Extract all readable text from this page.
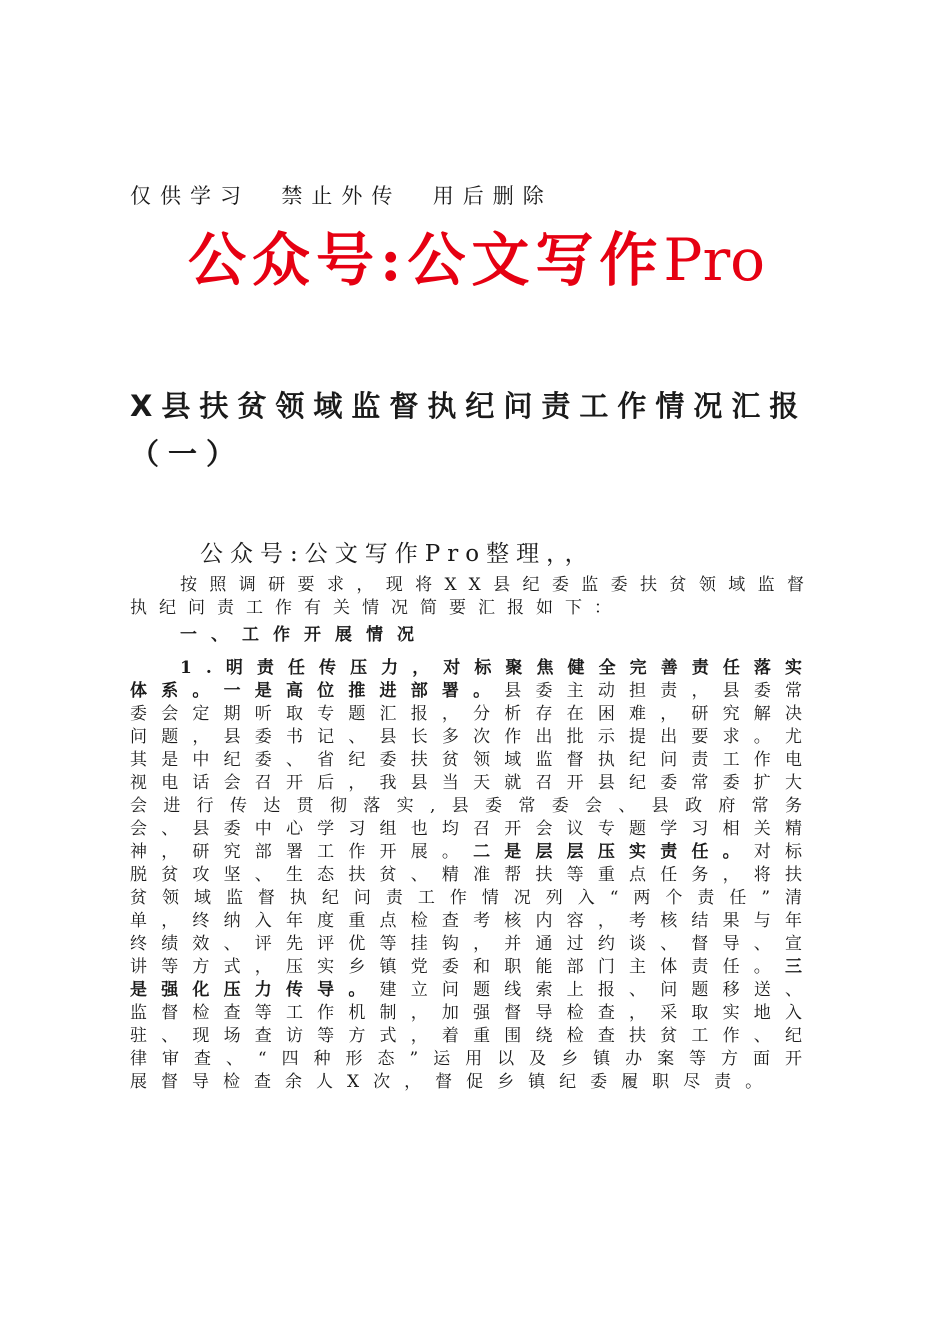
仅供学习  禁止外传  用后删除
公众号:公文写作Pro
X县扶贫领域监督执纪问责工作情况汇报（一）
公众号:公文写作Pro整理，，

按照调研要求，现将XX县纪委监委扶贫领域监督执纪问责工作有关情况简要汇报如下：

一、工作开展情况

1.明责任传压力，对标聚焦健全完善责任落实体系。一是高位推进部署。县委主动担责，县委常委会定期听取专题汇报，分析存在困难，研究解决问题，县委书记、县长多次作出批示提出要求。尤其是中纪委、省纪委扶贫领域监督执纪问责工作电视电话会召开后，我县当天就召开县纪委常委扩大会进行传达贯彻落实,县委常委会、县政府常务会、县委中心学习组也均召开会议专题学习相关精神，研究部署工作开展。二是层层压实责任。对标脱贫攻坚、生态扶贫、精准帮扶等重点任务，将扶贫领域监督执纪问责工作情况列入“两个责任”清单，终纳入年度重点检查考核内容，考核结果与年终绩效、评先评优等挂钩，并通过约谈、督导、宣讲等方式，压实乡镇党委和职能部门主体责任。三是强化压力传导。建立问题线索上报、问题移送、监督检查等工作机制，加强督导检查，采取实地入驻、现场查访等方式，着重围绕检查扶贫工作、纪律审查、“四种形态”运用以及乡镇办案等方面开展督导检查余人X次，督促乡镇纪委履职尽责。
